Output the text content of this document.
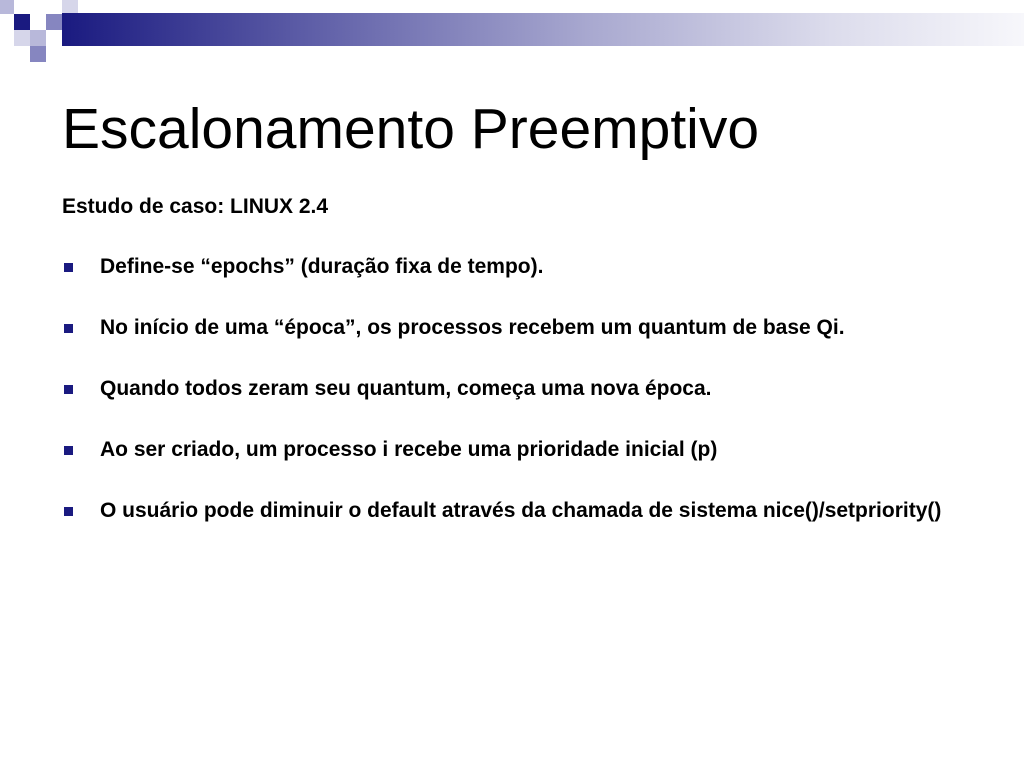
Escalonamento Preemptivo

Estudo de caso: LINUX 2.4

Define-se “epochs” (duração fixa de tempo).
No início de uma “época”, os processos recebem um quantum de base Qi.
Quando todos zeram seu quantum, começa uma nova época.
Ao ser criado, um processo i recebe uma prioridade inicial (p)
O usuário pode diminuir o default através da chamada de sistema nice()/setpriority()
